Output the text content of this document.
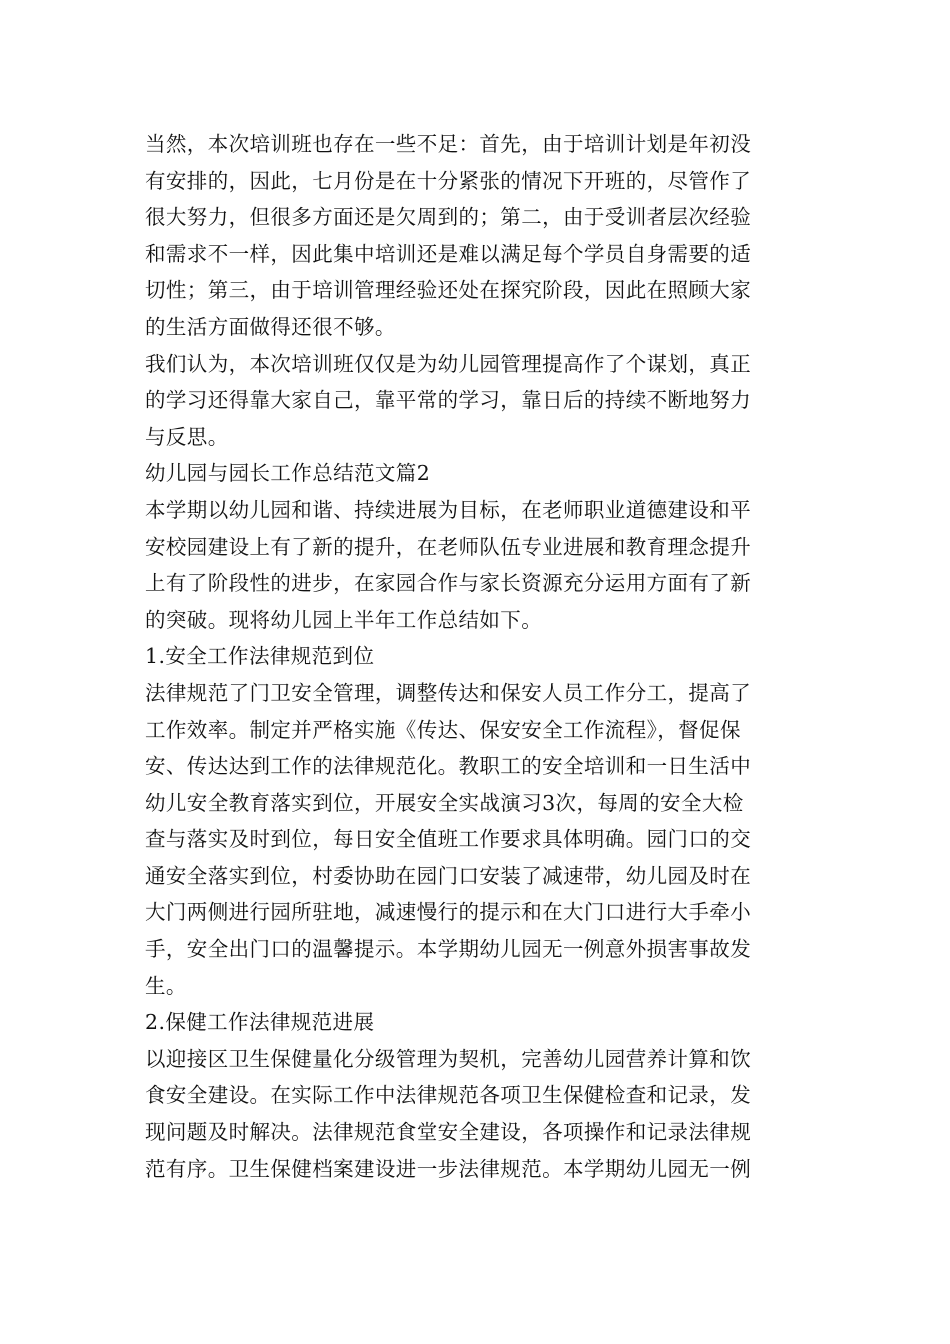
当然，本次培训班也存在一些不足：首先，由于培训计划是年初没
有安排的，因此，七月份是在十分紧张的情况下开班的，尽管作了
很大努力，但很多方面还是欠周到的；第二，由于受训者层次经验
和需求不一样，因此集中培训还是难以满足每个学员自身需要的适
切性；第三，由于培训管理经验还处在探究阶段，因此在照顾大家
的生活方面做得还很不够。
我们认为，本次培训班仅仅是为幼儿园管理提高作了个谋划，真正
的学习还得靠大家自己，靠平常的学习，靠日后的持续不断地努力
与反思。
幼儿园与园长工作总结范文篇2
本学期以幼儿园和谐、持续进展为目标，在老师职业道德建设和平
安校园建设上有了新的提升，在老师队伍专业进展和教育理念提升
上有了阶段性的进步，在家园合作与家长资源充分运用方面有了新
的突破。现将幼儿园上半年工作总结如下。
1.安全工作法律规范到位
法律规范了门卫安全管理，调整传达和保安人员工作分工，提高了
工作效率。制定并严格实施《传达、保安安全工作流程》，督促保
安、传达达到工作的法律规范化。教职工的安全培训和一日生活中
幼儿安全教育落实到位，开展安全实战演习3次，每周的安全大检
查与落实及时到位，每日安全值班工作要求具体明确。园门口的交
通安全落实到位，村委协助在园门口安装了减速带，幼儿园及时在
大门两侧进行园所驻地，减速慢行的提示和在大门口进行大手牵小
手，安全出门口的温馨提示。本学期幼儿园无一例意外损害事故发
生。
2.保健工作法律规范进展
以迎接区卫生保健量化分级管理为契机，完善幼儿园营养计算和饮
食安全建设。在实际工作中法律规范各项卫生保健检查和记录，发
现问题及时解决。法律规范食堂安全建设，各项操作和记录法律规
范有序。卫生保健档案建设进一步法律规范。本学期幼儿园无一例
